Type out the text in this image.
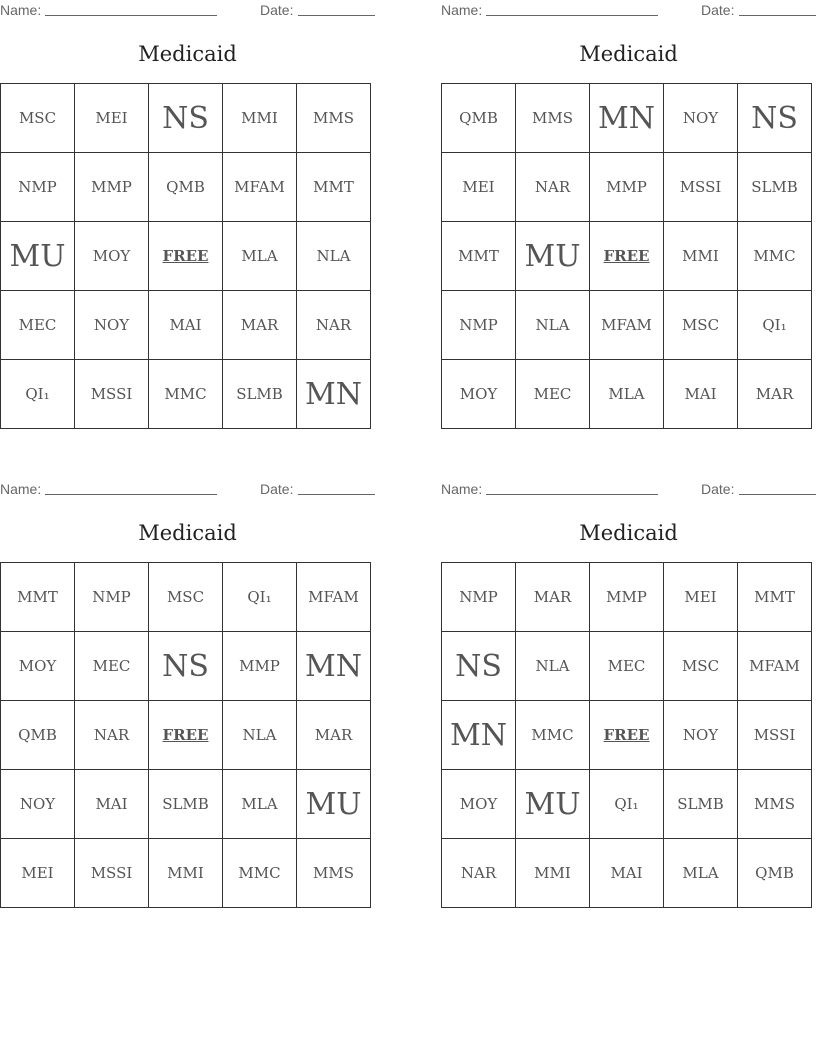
Name:	Date:
Medicaid
MSC	MEI	NS	MMI	MMS
NMP	MMP	QMB	MFAM	MMT
MU	MOY	FREE	MLA	NLA
MEC	NOY	MAI	MAR	NAR
QI₁	MSSI	MMC	SLMB	MN
Name:	Date:
Medicaid
QMB	MMS	MN	NOY	NS
MEI	NAR	MMP	MSSI	SLMB
MMT	MU	FREE	MMI	MMC
NMP	NLA	MFAM	MSC	QI₁
MOY	MEC	MLA	MAI	MAR
Name:	Date:
Medicaid
MMT	NMP	MSC	QI₁	MFAM
MOY	MEC	NS	MMP	MN
QMB	NAR	FREE	NLA	MAR
NOY	MAI	SLMB	MLA	MU
MEI	MSSI	MMI	MMC	MMS
Name:	Date:
Medicaid
NMP	MAR	MMP	MEI	MMT
NS	NLA	MEC	MSC	MFAM
MN	MMC	FREE	NOY	MSSI
MOY	MU	QI₁	SLMB	MMS
NAR	MMI	MAI	MLA	QMB
